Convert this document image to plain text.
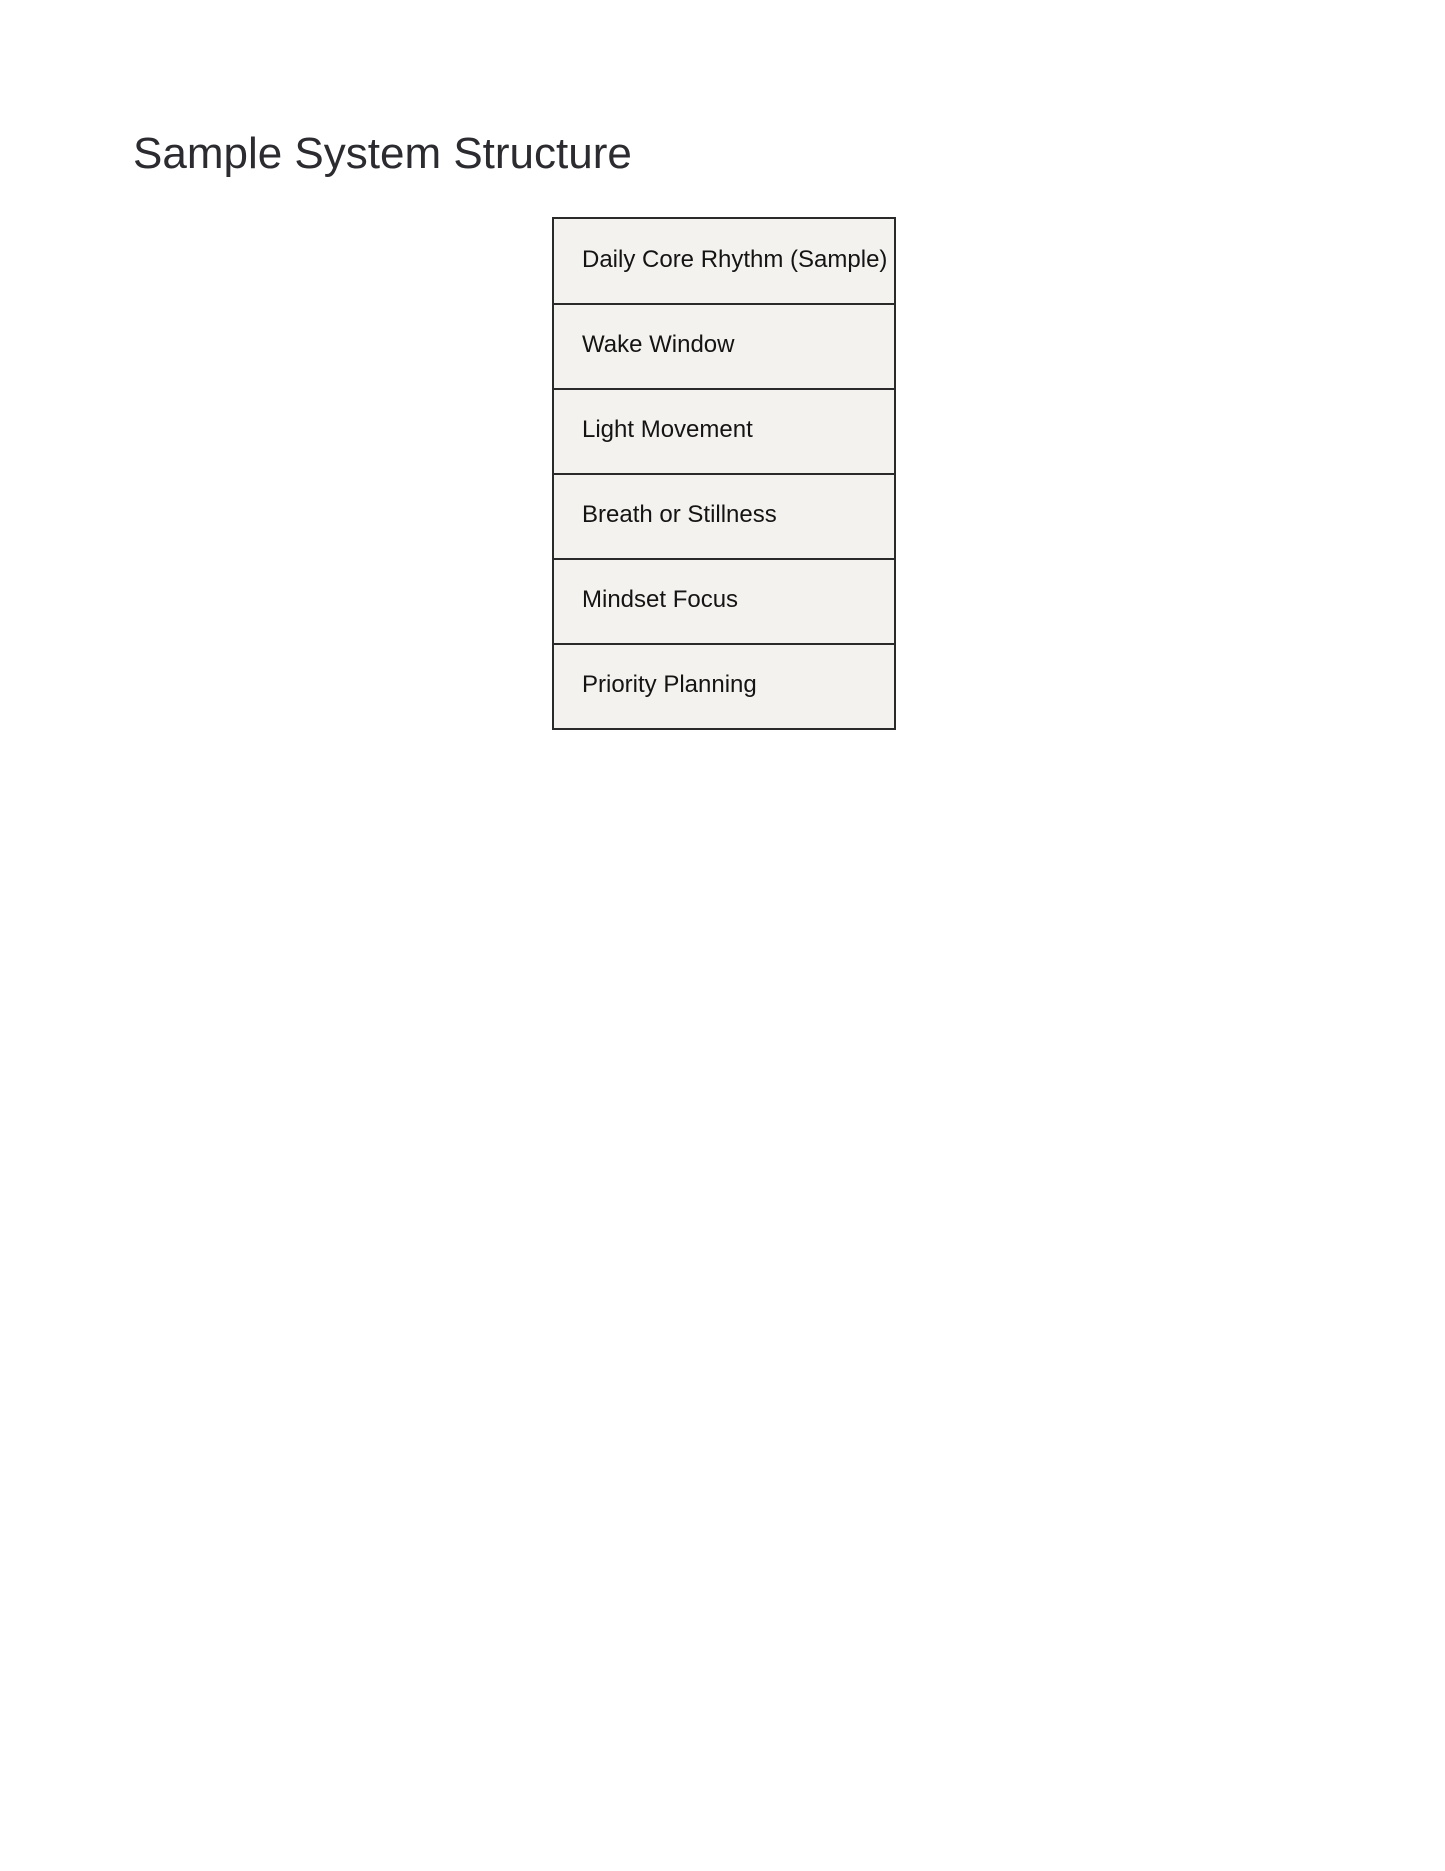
Sample System Structure
Daily Core Rhythm (Sample)
Wake Window
Light Movement
Breath or Stillness
Mindset Focus
Priority Planning
